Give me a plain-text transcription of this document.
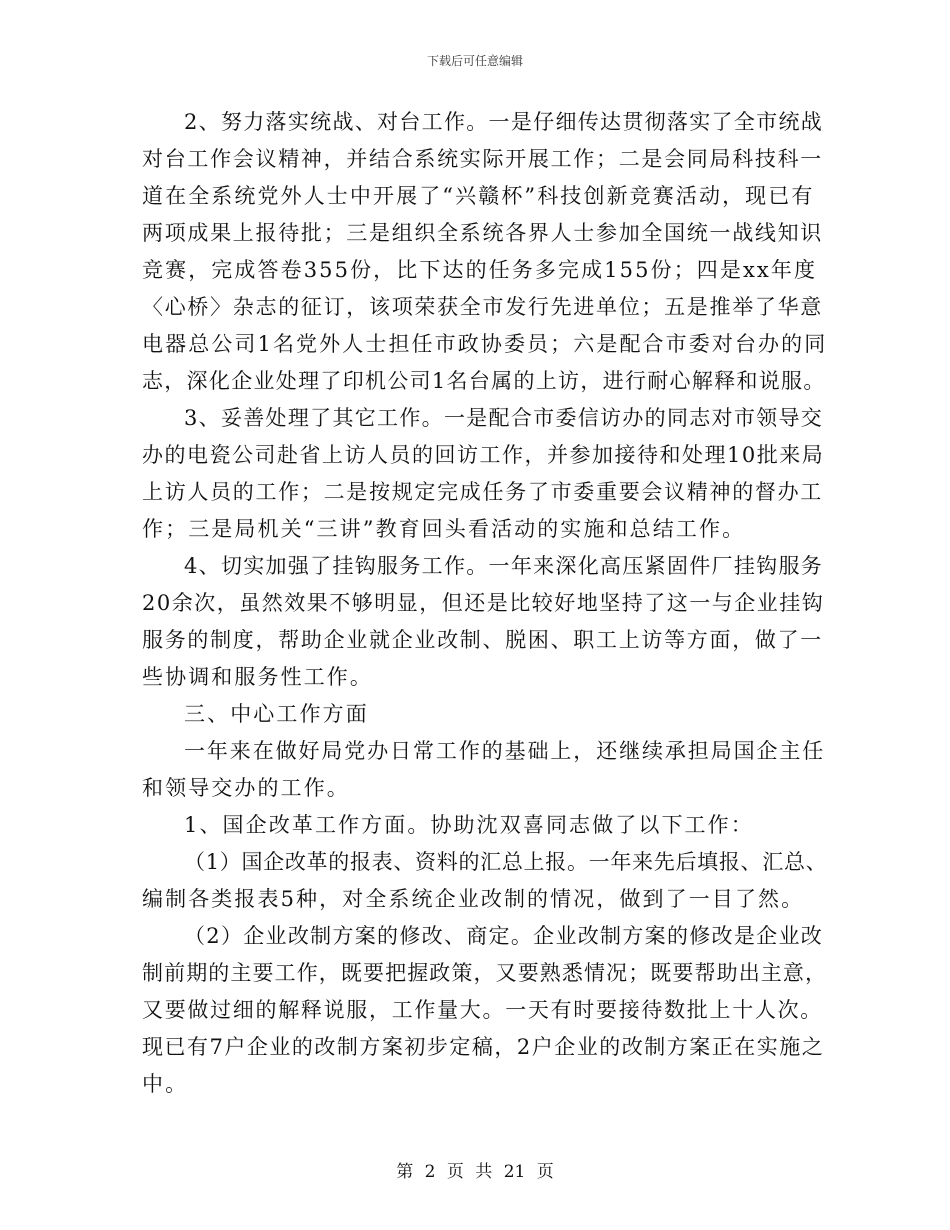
下载后可任意编辑
2、努力落实统战、对台工作。一是仔细传达贯彻落实了全市统战
对台工作会议精神，并结合系统实际开展工作；二是会同局科技科一
道在全系统党外人士中开展了“兴赣杯”科技创新竞赛活动，现已有
两项成果上报待批；三是组织全系统各界人士参加全国统一战线知识
竞赛，完成答卷355份，比下达的任务多完成155份；四是xx年度
〈心桥〉杂志的征订，该项荣获全市发行先进单位；五是推举了华意
电器总公司1名党外人士担任市政协委员；六是配合市委对台办的同
志，深化企业处理了印机公司1名台属的上访，进行耐心解释和说服。
3、妥善处理了其它工作。一是配合市委信访办的同志对市领导交
办的电瓷公司赴省上访人员的回访工作，并参加接待和处理10批来局
上访人员的工作；二是按规定完成任务了市委重要会议精神的督办工
作；三是局机关“三讲”教育回头看活动的实施和总结工作。
4、切实加强了挂钩服务工作。一年来深化高压紧固件厂挂钩服务
20余次，虽然效果不够明显，但还是比较好地坚持了这一与企业挂钩
服务的制度，帮助企业就企业改制、脱困、职工上访等方面，做了一
些协调和服务性工作。
三、中心工作方面
一年来在做好局党办日常工作的基础上，还继续承担局国企主任
和领导交办的工作。
1、国企改革工作方面。协助沈双喜同志做了以下工作：
（1）国企改革的报表、资料的汇总上报。一年来先后填报、汇总、
编制各类报表5种，对全系统企业改制的情况，做到了一目了然。
（2）企业改制方案的修改、商定。企业改制方案的修改是企业改
制前期的主要工作，既要把握政策，又要熟悉情况；既要帮助出主意，
又要做过细的解释说服，工作量大。一天有时要接待数批上十人次。
现已有7户企业的改制方案初步定稿，2户企业的改制方案正在实施之
中。
第 2 页 共 21 页
